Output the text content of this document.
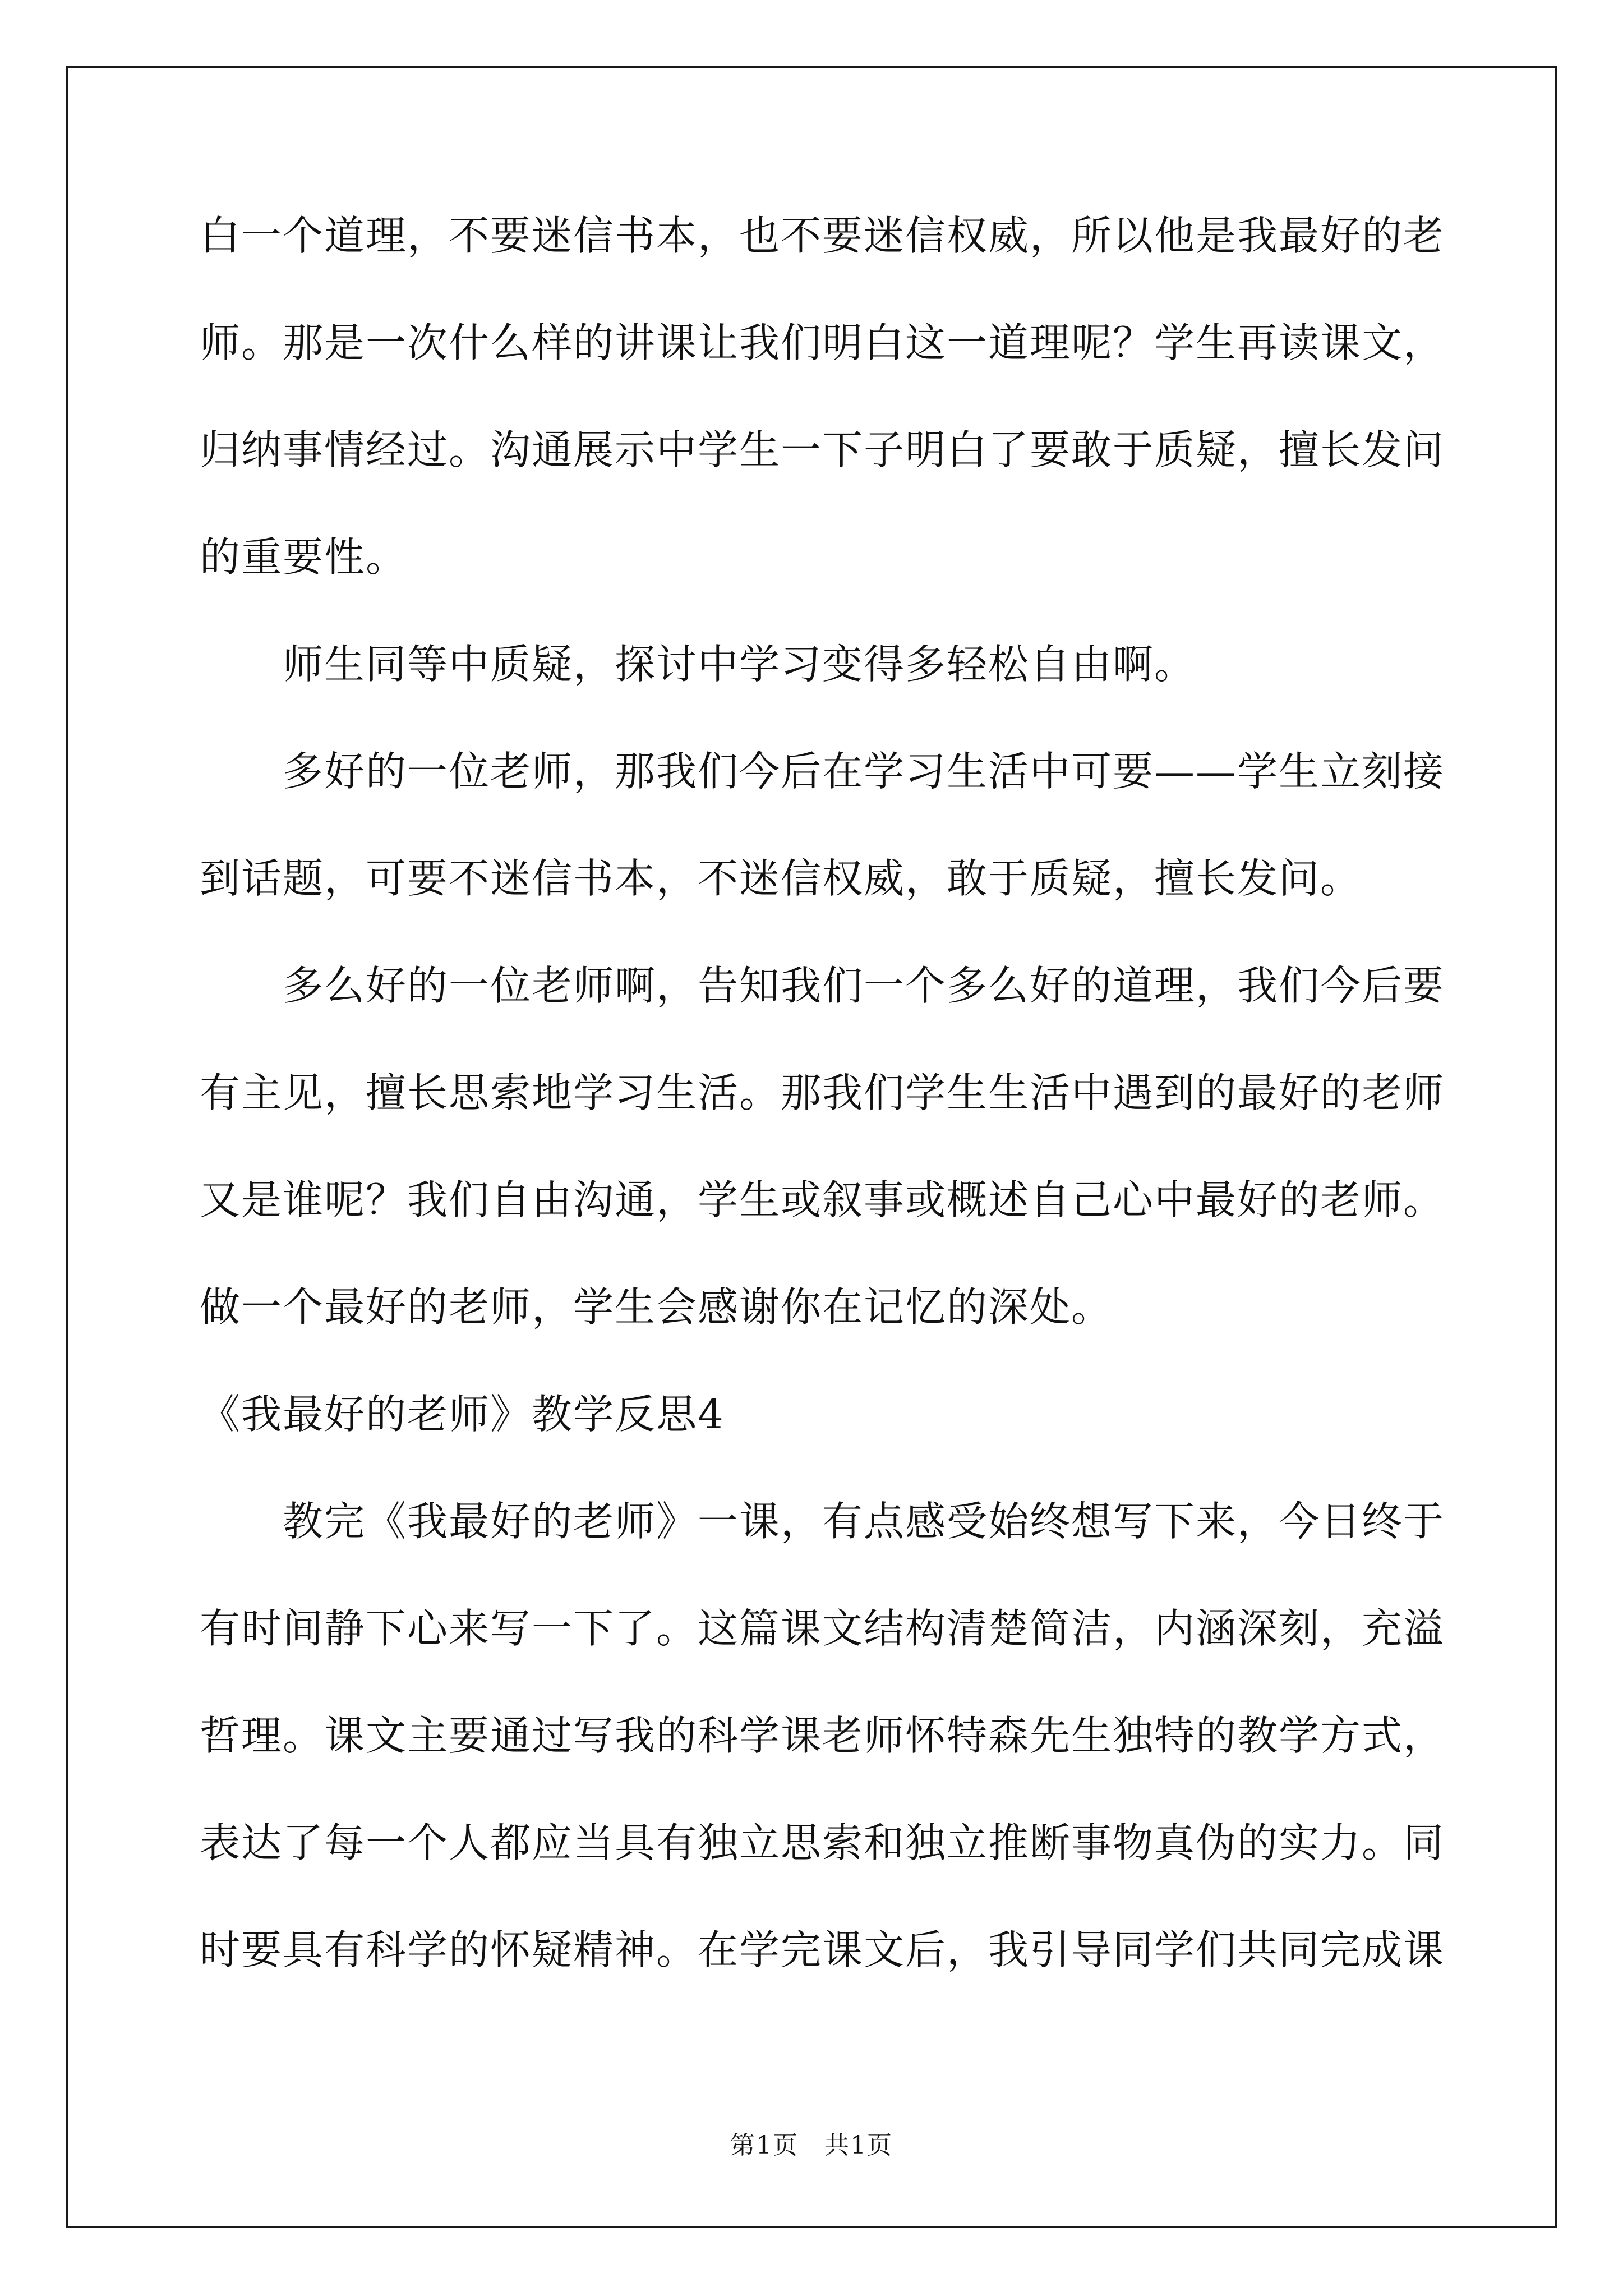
白一个道理，不要迷信书本，也不要迷信权威，所以他是我最好的老
师。那是一次什么样的讲课让我们明白这一道理呢？学生再读课文，
归纳事情经过。沟通展示中学生一下子明白了要敢于质疑，擅长发问
的重要性。
师生同等中质疑，探讨中学习变得多轻松自由啊。
多好的一位老师，那我们今后在学习生活中可要——学生立刻接
到话题，可要不迷信书本，不迷信权威，敢于质疑，擅长发问。
多么好的一位老师啊，告知我们一个多么好的道理，我们今后要
有主见，擅长思索地学习生活。那我们学生生活中遇到的最好的老师
又是谁呢？我们自由沟通，学生或叙事或概述自己心中最好的老师。
做一个最好的老师，学生会感谢你在记忆的深处。
《我最好的老师》教学反思4
教完《我最好的老师》一课，有点感受始终想写下来，今日终于
有时间静下心来写一下了。这篇课文结构清楚简洁，内涵深刻，充溢
哲理。课文主要通过写我的科学课老师怀特森先生独特的教学方式，
表达了每一个人都应当具有独立思索和独立推断事物真伪的实力。同
时要具有科学的怀疑精神。在学完课文后，我引导同学们共同完成课
第1页　共1页
